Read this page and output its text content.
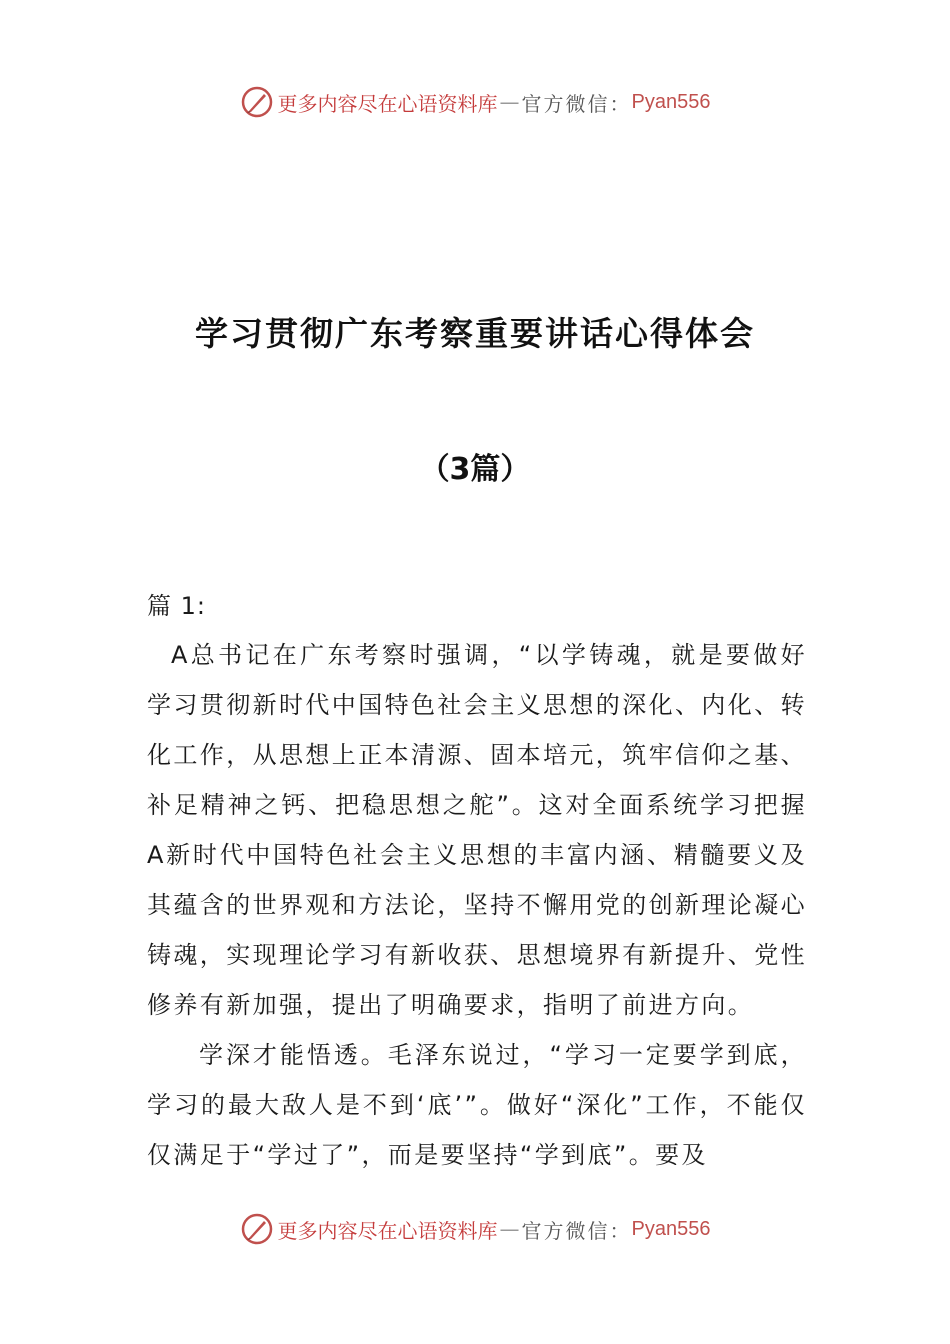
更多内容尽在心语资料库 — 官方微信： Pyan556
学习贯彻广东考察重要讲话心得体会
（3篇）
篇 1:

A总书记在广东考察时强调，“以学铸魂，就是要做好学习贯彻新时代中国特色社会主义思想的深化、内化、转化工作，从思想上正本清源、固本培元，筑牢信仰之基、补足精神之钙、把稳思想之舵”。这对全面系统学习把握A新时代中国特色社会主义思想的丰富内涵、精髓要义及其蕴含的世界观和方法论，坚持不懈用党的创新理论凝心铸魂，实现理论学习有新收获、思想境界有新提升、党性修养有新加强，提出了明确要求，指明了前进方向。

学深才能悟透。毛泽东说过，“学习一定要学到底，学习的最大敌人是不到‘底’”。做好“深化”工作，不能仅仅满足于“学过了”，而是要坚持“学到底”。要及

更多内容尽在心语资料库 — 官方微信： Pyan556
